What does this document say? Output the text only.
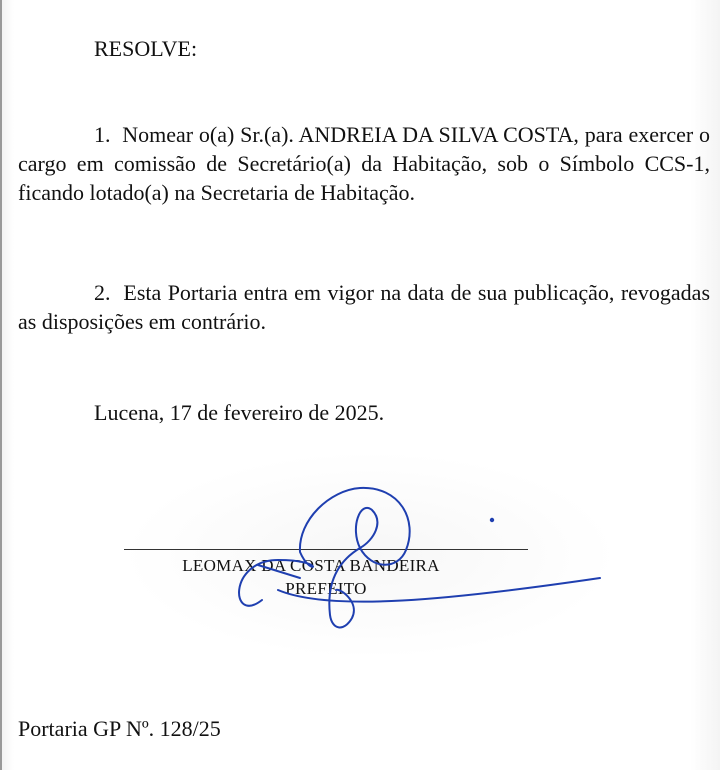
RESOLVE:

1. Nomear o(a) Sr.(a). ANDREIA DA SILVA COSTA, para exercer o cargo em comissão de Secretário(a) da Habitação, sob o Símbolo CCS-1, ficando lotado(a) na Secretaria de Habitação.

2. Esta Portaria entra em vigor na data de sua publicação, revogadas as disposições em contrário.

Lucena, 17 de fevereiro de 2025.

LEOMAX DA COSTA BANDEIRA
PREFEITO

Portaria GP Nº. 128/25
